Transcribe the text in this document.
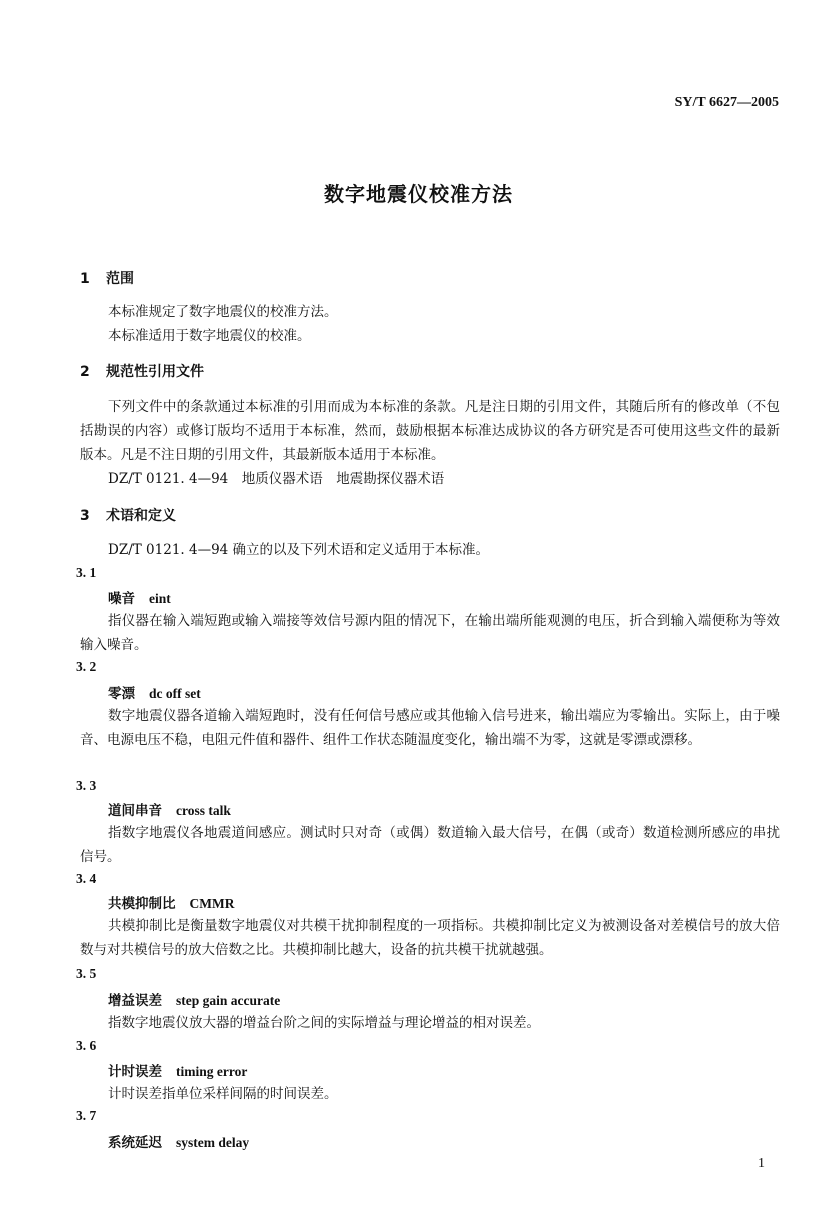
SY/T 6627—2005
数字地震仪校准方法
1 范围
本标准规定了数字地震仪的校准方法。
本标准适用于数字地震仪的校准。
2 规范性引用文件
下列文件中的条款通过本标准的引用而成为本标准的条款。凡是注日期的引用文件，其随后所有的修改单（不包括勘误的内容）或修订版均不适用于本标准，然而，鼓励根据本标准达成协议的各方研究是否可使用这些文件的最新版本。凡是不注日期的引用文件，其最新版本适用于本标准。
DZ/T 0121. 4—94　地质仪器术语　地震勘探仪器术语
3 术语和定义
DZ/T 0121. 4—94 确立的以及下列术语和定义适用于本标准。
3. 1
噪音 eint
指仪器在输入端短跑或输入端接等效信号源内阻的情况下，在输出端所能观测的电压，折合到输入端便称为等效输入噪音。
3. 2
零漂 dc off set
数字地震仪器各道输入端短跑时，没有任何信号感应或其他输入信号进来，输出端应为零输出。实际上，由于噪音、电源电压不稳，电阻元件值和器件、组件工作状态随温度变化，输出端不为零，这就是零漂或漂移。
3. 3
道间串音 cross talk
指数字地震仪各地震道间感应。测试时只对奇（或偶）数道输入最大信号，在偶（或奇）数道检测所感应的串扰信号。
3. 4
共模抑制比 CMMR
共模抑制比是衡量数字地震仪对共模干扰抑制程度的一项指标。共模抑制比定义为被测设备对差模信号的放大倍数与对共模信号的放大倍数之比。共模抑制比越大，设备的抗共模干扰就越强。
3. 5
增益误差 step gain accurate
指数字地震仪放大器的增益台阶之间的实际增益与理论增益的相对误差。
3. 6
计时误差 timing error
计时误差指单位采样间隔的时间误差。
3. 7
系统延迟 system delay
1
